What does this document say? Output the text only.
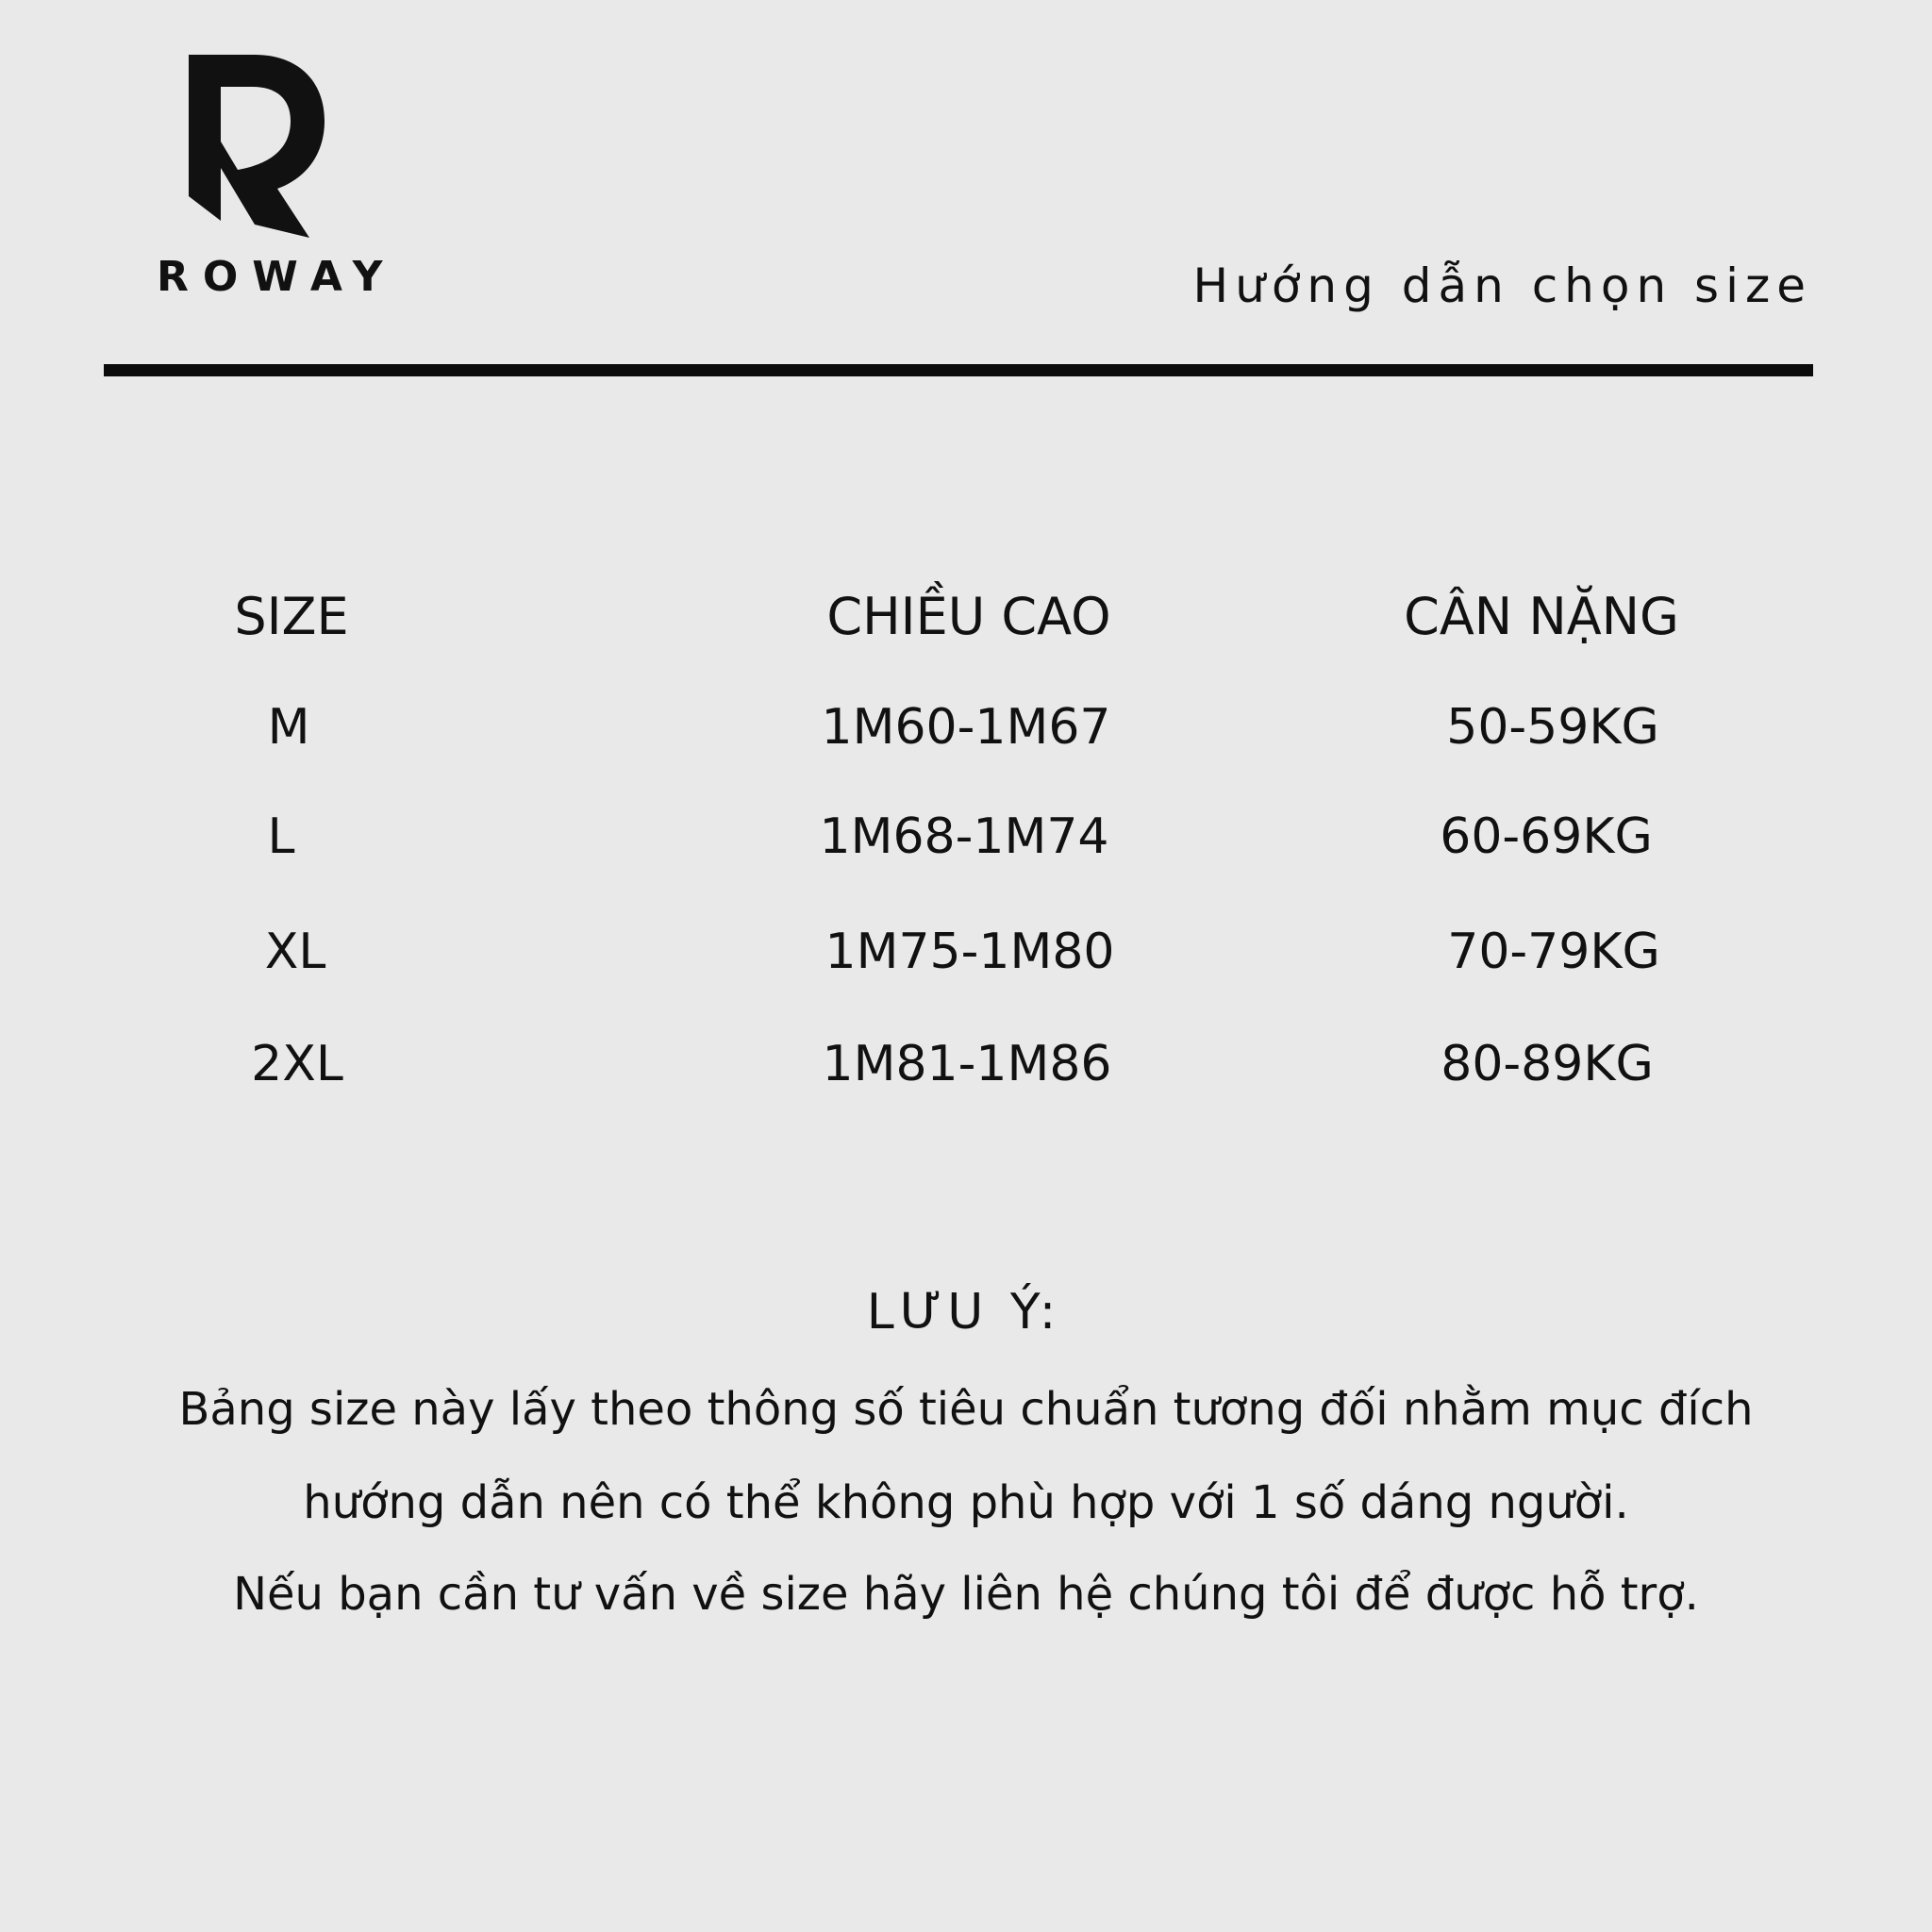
ROWAY	Hướng dẫn chọn size
SIZE	CHIỀU CAO	CÂN NẶNG
M	1M60-1M67	50-59KG
L	1M68-1M74	60-69KG
XL	1M75-1M80	70-79KG
2XL	1M81-1M86	80-89KG
LƯU Ý:
Bảng size này lấy theo thông số tiêu chuẩn tương đối nhằm mục đích
hướng dẫn nên có thể không phù hợp với 1 số dáng người.
Nếu bạn cần tư vấn về size hãy liên hệ chúng tôi để được hỗ trợ.
